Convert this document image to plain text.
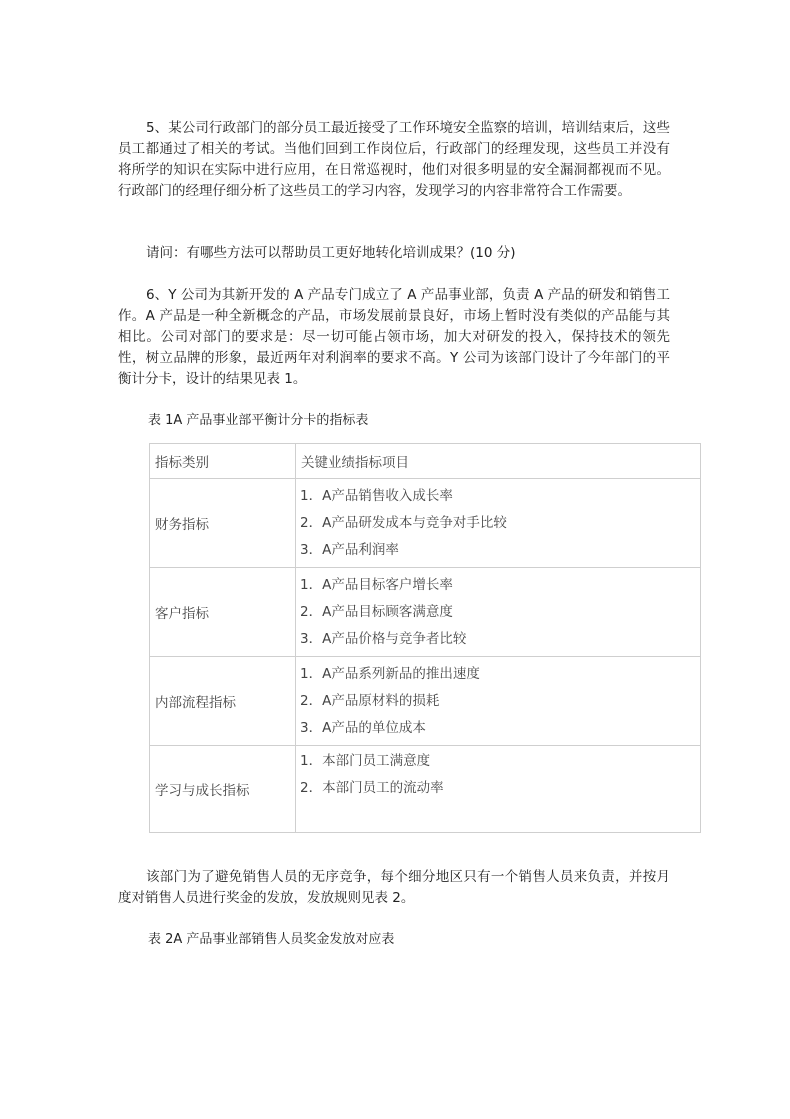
5、某公司行政部门的部分员工最近接受了工作环境安全监察的培训，培训结束后，这些员工都通过了相关的考试。当他们回到工作岗位后，行政部门的经理发现，这些员工并没有将所学的知识在实际中进行应用，在日常巡视时，他们对很多明显的安全漏洞都视而不见。行政部门的经理仔细分析了这些员工的学习内容，发现学习的内容非常符合工作需要。

请问：有哪些方法可以帮助员工更好地转化培训成果？(10 分)

6、Y 公司为其新开发的 A 产品专门成立了 A 产品事业部，负责 A 产品的研发和销售工作。A 产品是一种全新概念的产品，市场发展前景良好，市场上暂时没有类似的产品能与其相比。公司对部门的要求是：尽一切可能占领市场，加大对研发的投入，保持技术的领先性，树立品牌的形象，最近两年对利润率的要求不高。Y 公司为该部门设计了今年部门的平衡计分卡，设计的结果见表 1。

表 1A 产品事业部平衡计分卡的指标表

指标类别	关键业绩指标项目
财务指标	1．A产品销售收入成长率
2．A产品研发成本与竞争对手比较
3．A产品利润率

客户指标	1．A产品目标客户增长率
2．A产品目标顾客满意度
3．A产品价格与竞争者比较

内部流程指标	1．A产品系列新品的推出速度
2．A产品原材料的损耗
3．A产品的单位成本

学习与成长指标	1．本部门员工满意度
2．本部门员工的流动率

该部门为了避免销售人员的无序竞争，每个细分地区只有一个销售人员来负责，并按月度对销售人员进行奖金的发放，发放规则见表 2。

表 2A 产品事业部销售人员奖金发放对应表
